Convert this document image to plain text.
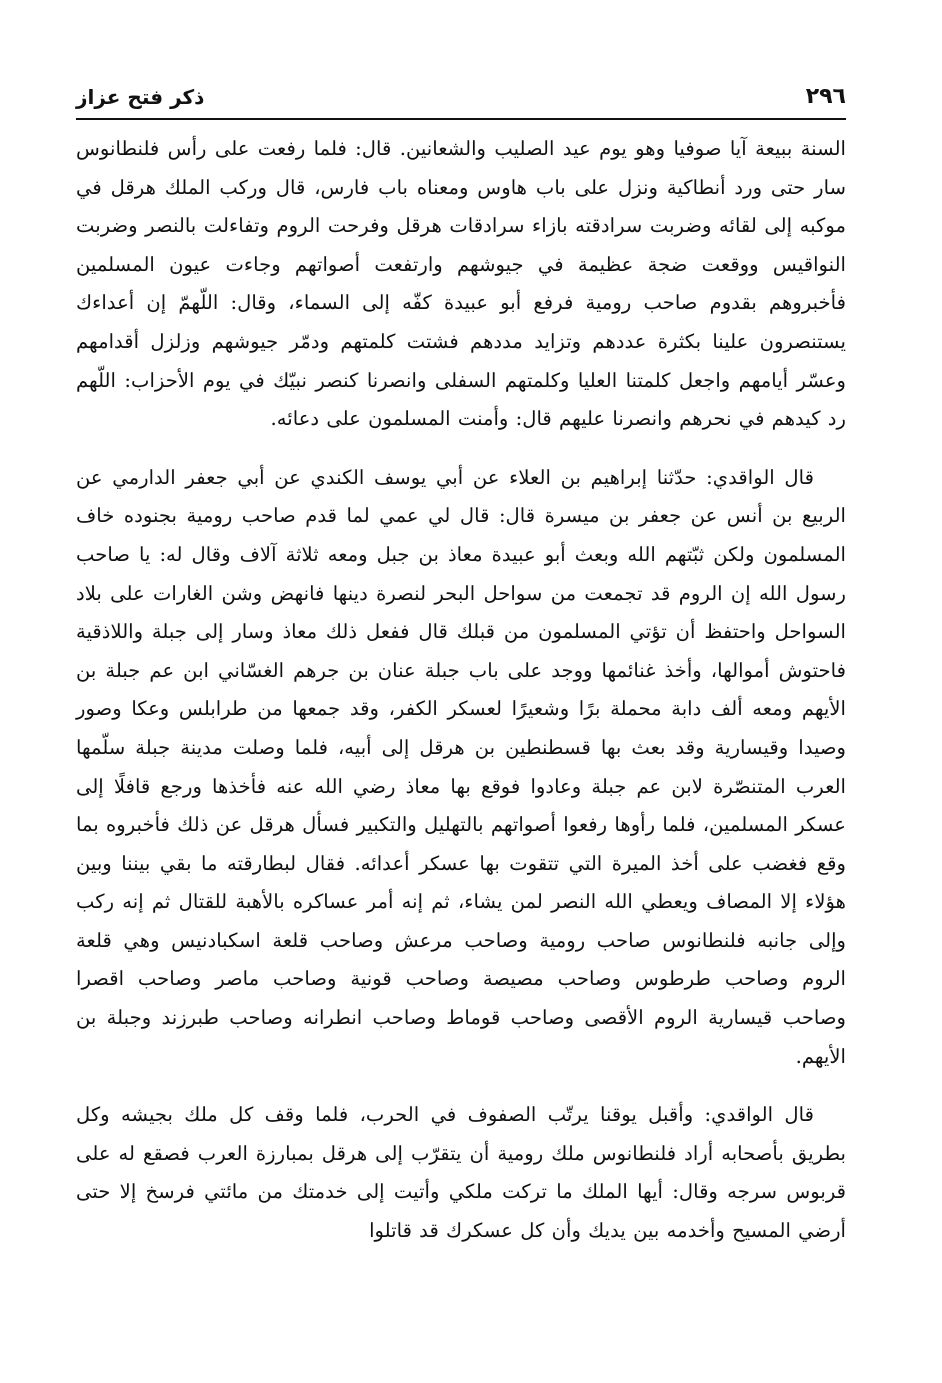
٢٩٦
ذكر فتح عزاز

السنة ببيعة آيا صوفيا وهو يوم عيد الصليب والشعانين. قال: فلما رفعت على رأس فلنطانوس سار حتى ورد أنطاكية ونزل على باب هاوس ومعناه باب فارس، قال وركب الملك هرقل في موكبه إلى لقائه وضربت سرادقته بازاء سرادقات هرقل وفرحت الروم وتفاءلت بالنصر وضربت النواقيس ووقعت ضجة عظيمة في جيوشهم وارتفعت أصواتهم وجاءت عيون المسلمين فأخبروهم بقدوم صاحب رومية فرفع أبو عبيدة كفّه إلى السماء، وقال: اللّهمّ إن أعداءك يستنصرون علينا بكثرة عددهم وتزايد مددهم فشتت كلمتهم ودمّر جيوشهم وزلزل أقدامهم وعسّر أيامهم واجعل كلمتنا العليا وكلمتهم السفلى وانصرنا كنصر نبيّك في يوم الأحزاب: اللّهم رد كيدهم في نحرهم وانصرنا عليهم قال: وأمنت المسلمون على دعائه.

قال الواقدي: حدّثنا إبراهيم بن العلاء عن أبي يوسف الكندي عن أبي جعفر الدارمي عن الربيع بن أنس عن جعفر بن ميسرة قال: قال لي عمي لما قدم صاحب رومية بجنوده خاف المسلمون ولكن ثبّتهم الله وبعث أبو عبيدة معاذ بن جبل ومعه ثلاثة آلاف وقال له: يا صاحب رسول الله إن الروم قد تجمعت من سواحل البحر لنصرة دينها فانهض وشن الغارات على بلاد السواحل واحتفظ أن تؤتي المسلمون من قبلك قال ففعل ذلك معاذ وسار إلى جبلة واللاذقية فاحتوش أموالها، وأخذ غنائمها ووجد على باب جبلة عنان بن جرهم الغسّاني ابن عم جبلة بن الأيهم ومعه ألف دابة محملة برًا وشعيرًا لعسكر الكفر، وقد جمعها من طرابلس وعكا وصور وصيدا وقيسارية وقد بعث بها قسطنطين بن هرقل إلى أبيه، فلما وصلت مدينة جبلة سلّمها العرب المتنصّرة لابن عم جبلة وعادوا فوقع بها معاذ رضي الله عنه فأخذها ورجع قافلًا إلى عسكر المسلمين، فلما رأوها رفعوا أصواتهم بالتهليل والتكبير فسأل هرقل عن ذلك فأخبروه بما وقع فغضب على أخذ الميرة التي تتقوت بها عسكر أعدائه. فقال لبطارقته ما بقي بيننا وبين هؤلاء إلا المصاف ويعطي الله النصر لمن يشاء، ثم إنه أمر عساكره بالأهبة للقتال ثم إنه ركب وإلى جانبه فلنطانوس صاحب رومية وصاحب مرعش وصاحب قلعة اسكبادنيس وهي قلعة الروم وصاحب طرطوس وصاحب مصيصة وصاحب قونية وصاحب ماصر وصاحب اقصرا وصاحب قيسارية الروم الأقصى وصاحب قوماط وصاحب انطرانه وصاحب طبرزند وجبلة بن الأيهم.

قال الواقدي: وأقبل يوقنا يرتّب الصفوف في الحرب، فلما وقف كل ملك بجيشه وكل بطريق بأصحابه أراد فلنطانوس ملك رومية أن يتقرّب إلى هرقل بمبارزة العرب فصقع له على قربوس سرجه وقال: أيها الملك ما تركت ملكي وأتيت إلى خدمتك من مائتي فرسخ إلا حتى أرضي المسيح وأخدمه بين يديك وأن كل عسكرك قد قاتلوا
